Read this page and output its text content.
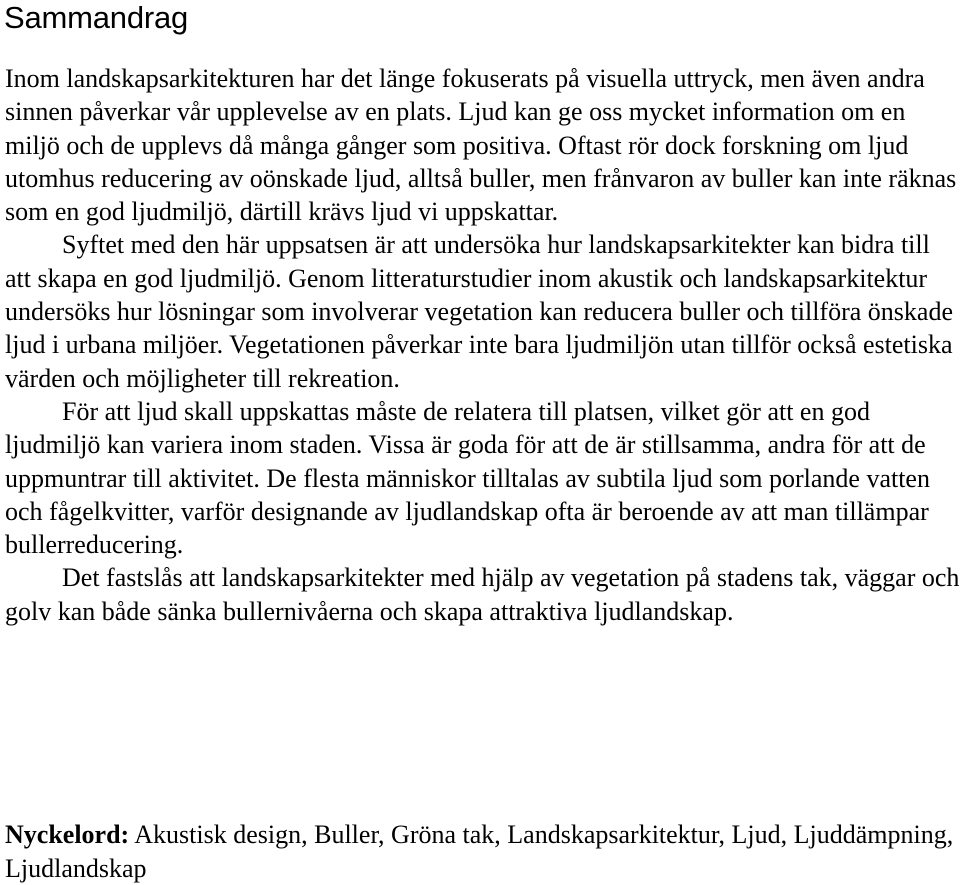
Sammandrag

Inom landskapsarkitekturen har det länge fokuserats på visuella uttryck, men även andra sinnen påverkar vår upplevelse av en plats. Ljud kan ge oss mycket information om en miljö och de upplevs då många gånger som positiva. Oftast rör dock forskning om ljud utomhus reducering av oönskade ljud, alltså buller, men frånvaron av buller kan inte räknas som en god ljudmiljö, därtill krävs ljud vi uppskattar.

Syftet med den här uppsatsen är att undersöka hur landskapsarkitekter kan bidra till att skapa en god ljudmiljö. Genom litteraturstudier inom akustik och landskapsarkitektur undersöks hur lösningar som involverar vegetation kan reducera buller och tillföra önskade ljud i urbana miljöer. Vegetationen påverkar inte bara ljudmiljön utan tillför också estetiska värden och möjligheter till rekreation.

För att ljud skall uppskattas måste de relatera till platsen, vilket gör att en god ljudmiljö kan variera inom staden. Vissa är goda för att de är stillsamma, andra för att de uppmuntrar till aktivitet. De flesta människor tilltalas av subtila ljud som porlande vatten och fågelkvitter, varför designande av ljudlandskap ofta är beroende av att man tillämpar bullerreducering.

Det fastslås att landskapsarkitekter med hjälp av vegetation på stadens tak, väggar och golv kan både sänka bullernivåerna och skapa attraktiva ljudlandskap.

Nyckelord: Akustisk design, Buller, Gröna tak, Landskapsarkitektur, Ljud, Ljuddämpning, Ljudlandskap
